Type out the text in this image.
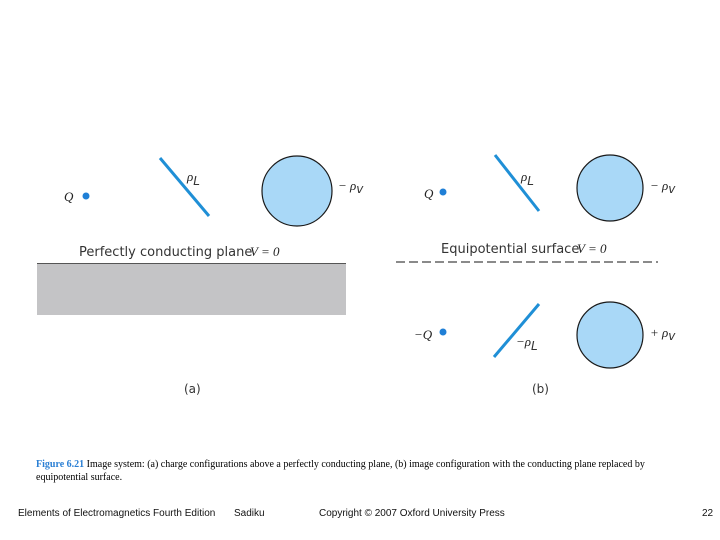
Q
ρL	− ρv
Perfectly conducting plane
V = 0
(a)
Q
ρL	− ρv
Equipotential surface
V = 0
−Q	−ρL
+ ρv
(b)
Figure 6.21 Image system: (a) charge configurations above a perfectly conducting plane, (b) image configuration with the conducting plane replaced by equipotential surface.
Elements of Electromagnetics Fourth Edition Sadiku	Copyright © 2007 Oxford University Press	22
